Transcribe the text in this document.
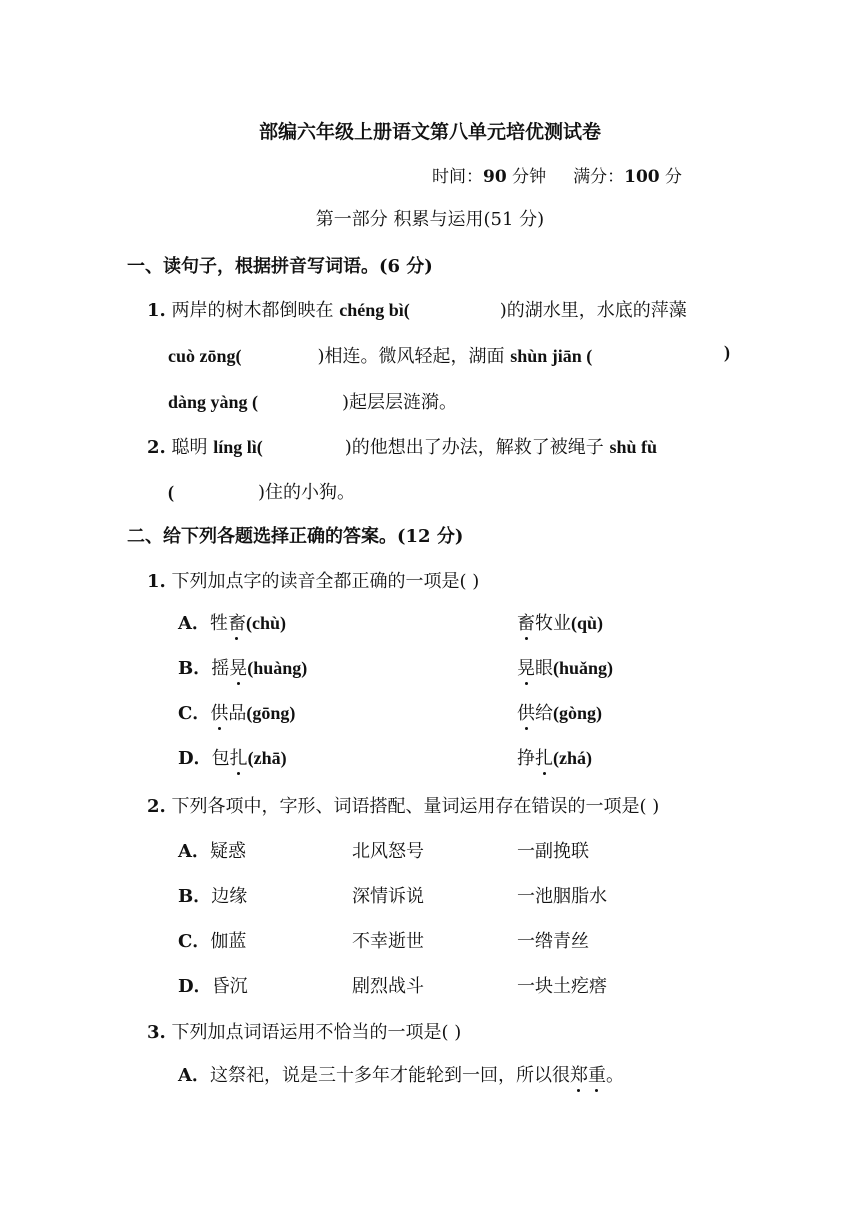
部编六年级上册语文第八单元培优测试卷
时间：90 分钟 满分：100 分
第一部分 积累与运用(51 分)
一、读句子，根据拼音写词语。(6 分)
1. 两岸的树木都倒映在 chéng bì(	)的湖水里，水底的萍藻
cuò zōng(	)相连。微风轻起，湖面 shùn jiān (	)
dàng yàng (	)起层层涟漪。
2. 聪明 líng lì(	)的他想出了办法，解救了被绳子 shù fù
(	)住的小狗。
二、给下列各题选择正确的答案。(12 分)
1. 下列加点字的读音全都正确的一项是( )
A．牲畜(chù)	畜牧业(qù)
B．摇晃(huàng)	晃眼(huǎng)
C．供品(gōng)	供给(gòng)
D．包扎(zhā)	挣扎(zhá)
2. 下列各项中，字形、词语搭配、量词运用存在错误的一项是( )
A．疑惑	北风怒号	一副挽联
B．边缘	深情诉说	一池胭脂水
C．伽蓝	不幸逝世	一绺青丝
D．昏沉	剧烈战斗	一块土疙瘩
3. 下列加点词语运用不恰当的一项是( )
A．这祭祀，说是三十多年才能轮到一回，所以很郑重。
